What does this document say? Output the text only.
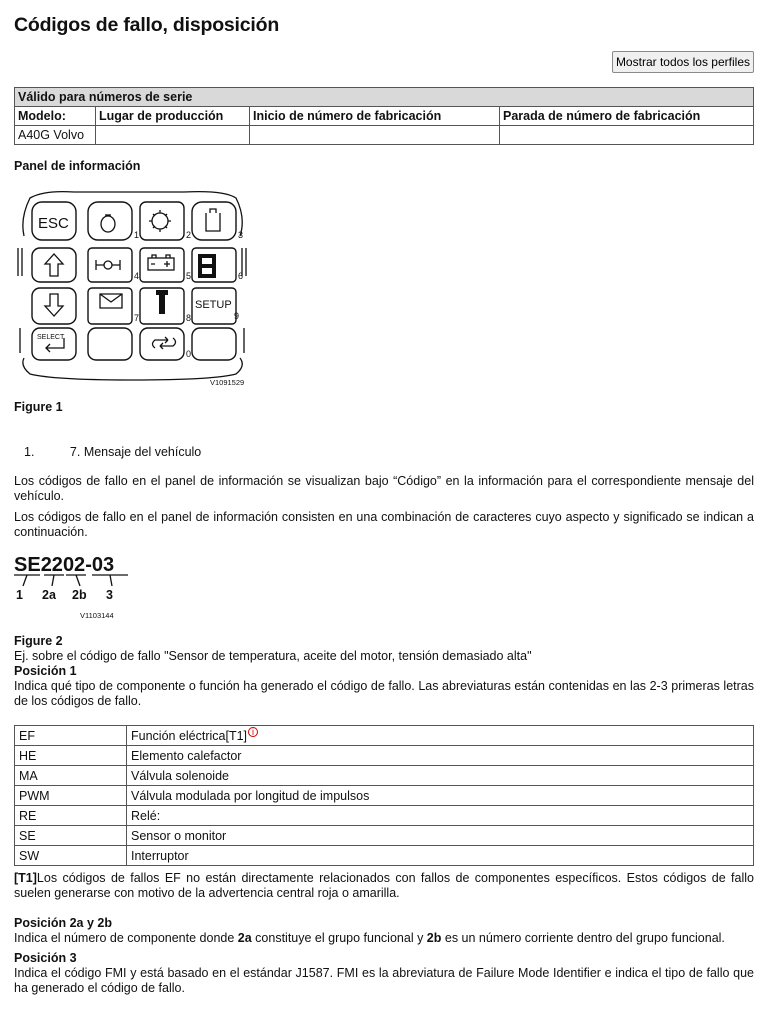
Códigos de fallo, disposición
Mostrar todos los perfiles
Válido para números de serie			
Modelo:	Lugar de producción	Inicio de número de fabricación	Parada de número de fabricación
A40G Volvo			
Panel de información
ESC
1	2	3
4	5	6
7	8	9
0
SETUP
SELECT
V1091529
Figure 1
1.	7. Mensaje del vehículo

Los códigos de fallo en el panel de información se visualizan bajo “Código” en la información para el correspondiente mensaje del vehículo.

Los códigos de fallo en el panel de información consisten en una combinación de caracteres cuyo aspecto y significado se indican a continuación.

SE2202-03
1 2a 2b 3
V1103144
Figure 2
Ej. sobre el código de fallo "Sensor de temperatura, aceite del motor, tensión demasiado alta"
Posición 1

Indica qué tipo de componente o función ha generado el código de fallo. Las abreviaturas están contenidas en las 2-3 primeras letras de los códigos de fallo.

EF	Función eléctrica[T1] i
HE	Elemento calefactor
MA	Válvula solenoide
PWM	Válvula modulada por longitud de impulsos
RE	Relé:
SE	Sensor o monitor
SW	Interruptor

[T1]Los códigos de fallos EF no están directamente relacionados con fallos de componentes específicos. Estos códigos de fallo suelen generarse con motivo de la advertencia central roja o amarilla.

Posición 2a y 2b

Indica el número de componente donde 2a constituye el grupo funcional y 2b es un número corriente dentro del grupo funcional.

Posición 3

Indica el código FMI y está basado en el estándar J1587. FMI es la abreviatura de Failure Mode Identifier e indica el tipo de fallo que ha generado el código de fallo.
